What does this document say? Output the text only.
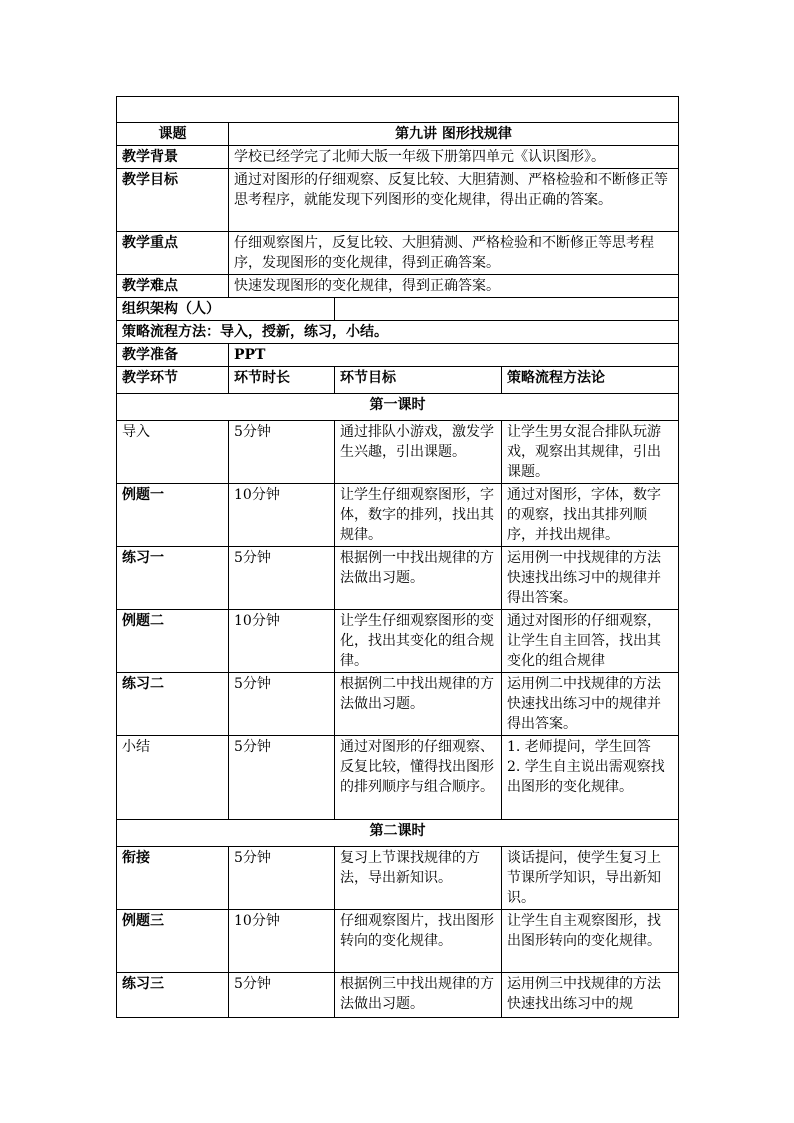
课题	第九讲 图形找规律		
教学背景	学校已经学完了北师大版一年级下册第四单元《认识图形》。		
教学目标	通过对图形的仔细观察、反复比较、大胆猜测、严格检验和不断修正等思考程序，就能发现下列图形的变化规律，得出正确的答案。		
教学重点	仔细观察图片，反复比较、大胆猜测、严格检验和不断修正等思考程序，发现图形的变化规律，得到正确答案。		
教学难点	快速发现图形的变化规律，得到正确答案。		
组织架构（人）			
策略流程方法：导入，授新，练习，小结。			
教学准备	PPT		
教学环节	环节时长	环节目标	策略流程方法论
第一课时			
导入	5分钟	通过排队小游戏，激发学生兴趣，引出课题。	让学生男女混合排队玩游戏，观察出其规律，引出课题。
例题一	10分钟	让学生仔细观察图形，字体，数字的排列，找出其规律。	通过对图形，字体，数字的观察，找出其排列顺序，并找出规律。
练习一	5分钟	根据例一中找出规律的方法做出习题。	运用例一中找规律的方法快速找出练习中的规律并得出答案。
例题二	10分钟	让学生仔细观察图形的变化，找出其变化的组合规律。	通过对图形的仔细观察，让学生自主回答，找出其变化的组合规律
练习二	5分钟	根据例二中找出规律的方法做出习题。	运用例二中找规律的方法快速找出练习中的规律并得出答案。
小结	5分钟	通过对图形的仔细观察、反复比较，懂得找出图形的排列顺序与组合顺序。	1. 老师提问，学生回答
2. 学生自主说出需观察找出图形的变化规律。

第二课时			
衔接	5分钟	复习上节课找规律的方法，导出新知识。	谈话提问，使学生复习上节课所学知识，导出新知识。
例题三	10分钟	仔细观察图片，找出图形转向的变化规律。	让学生自主观察图形，找出图形转向的变化规律。
练习三	5分钟	根据例三中找出规律的方法做出习题。	运用例三中找规律的方法快速找出练习中的规
